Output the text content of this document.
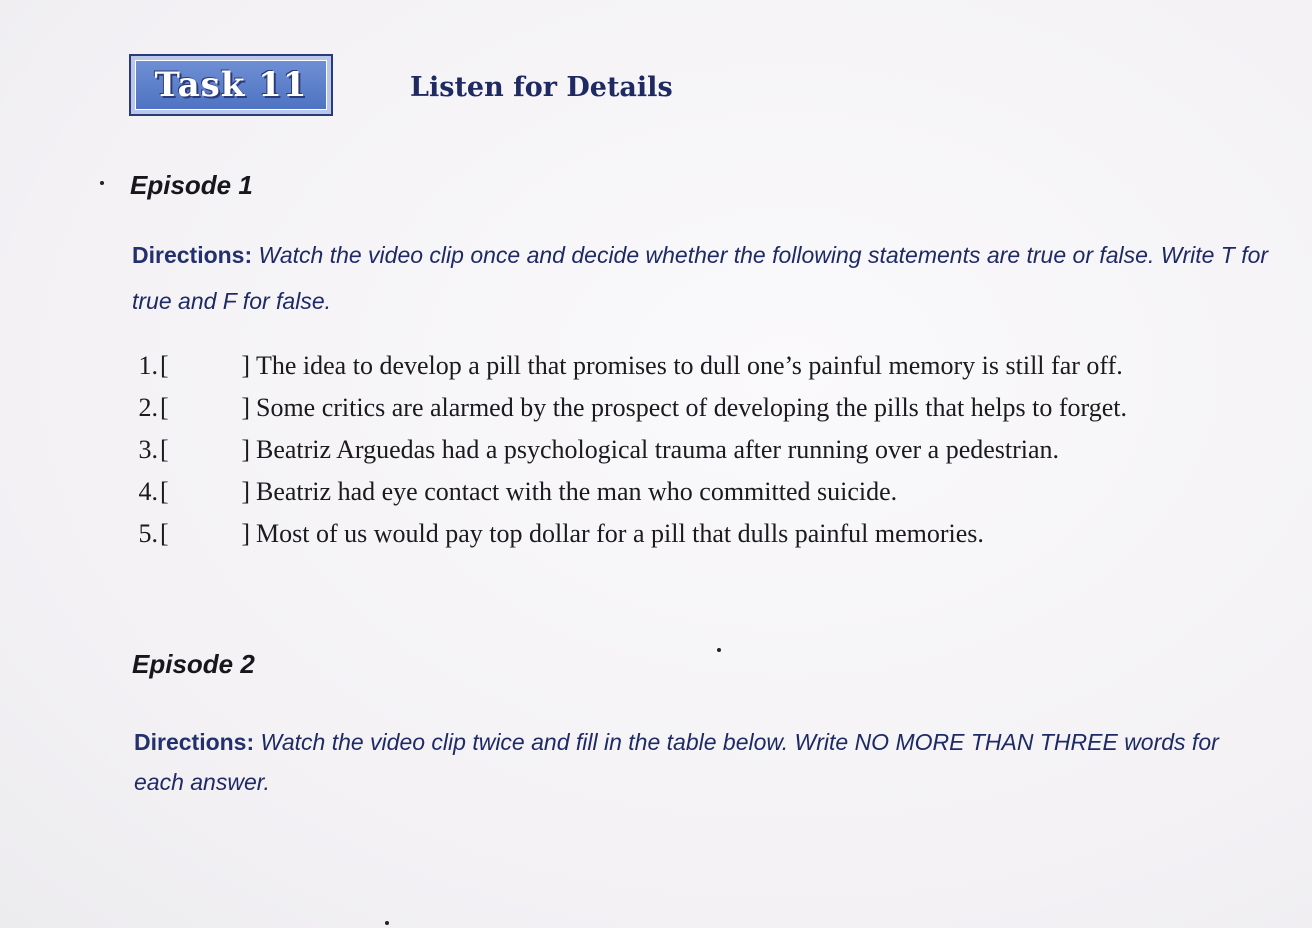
Task 11	Listen for Details
Episode 1
Directions: Watch the video clip once and decide whether the following statements are true or false. Write T for true and F for false.
1. [	] The idea to develop a pill that promises to dull one’s painful memory is still far off.
2. [	] Some critics are alarmed by the prospect of developing the pills that helps to forget.
3. [	] Beatriz Arguedas had a psychological trauma after running over a pedestrian.
4. [	] Beatriz had eye contact with the man who committed suicide.
5. [	] Most of us would pay top dollar for a pill that dulls painful memories.
Episode 2
Directions: Watch the video clip twice and fill in the table below. Write NO MORE THAN THREE words for each answer.
